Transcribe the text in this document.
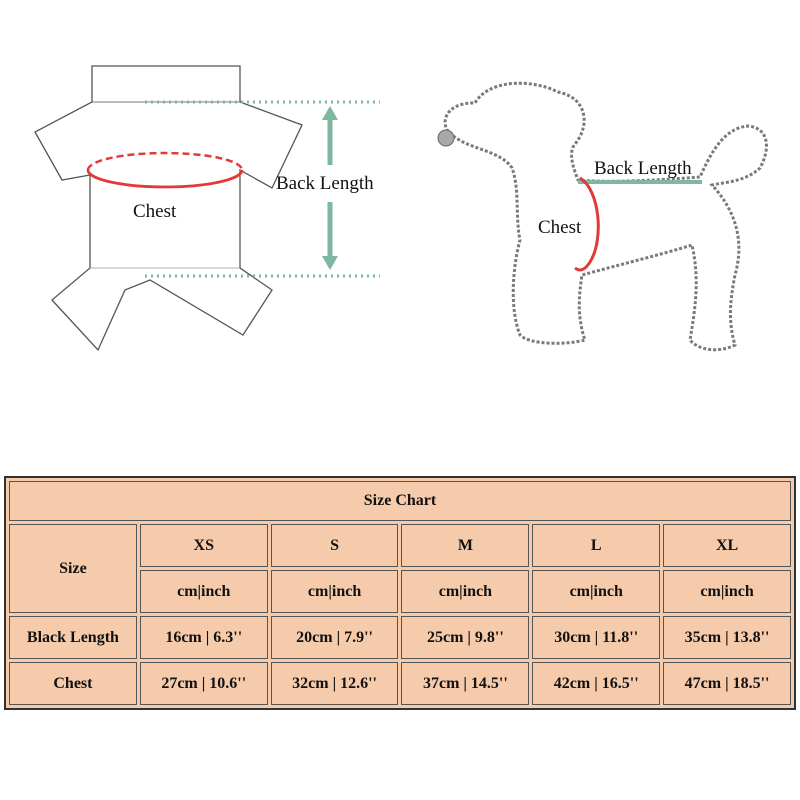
Chest
Back Length
Back Length
Chest
Size Chart					
Size	XS	S	M	L	XL
	cm|inch	cm|inch	cm|inch	cm|inch	cm|inch
Black Length	16cm | 6.3''	20cm | 7.9''	25cm | 9.8''	30cm | 11.8''	35cm | 13.8''
Chest	27cm | 10.6''	32cm | 12.6''	37cm | 14.5''	42cm | 16.5''	47cm | 18.5''
